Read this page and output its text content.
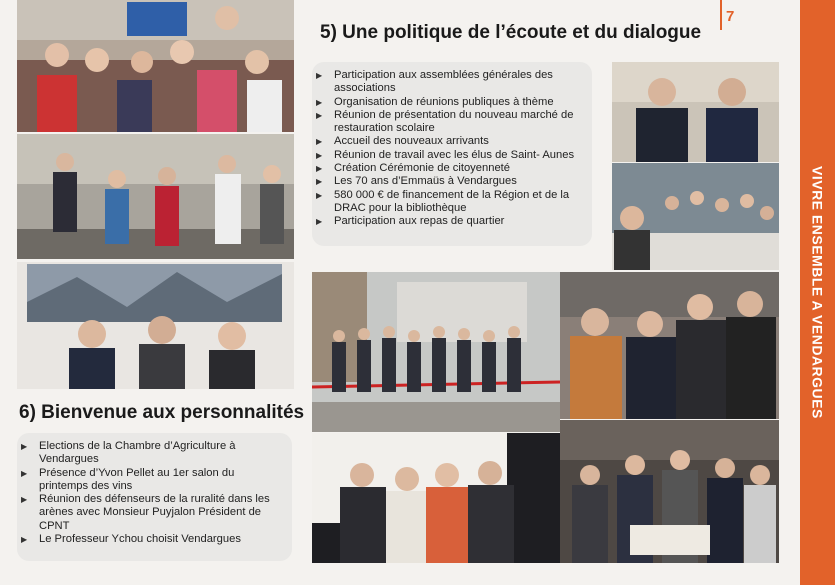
7
5) Une politique de l’écoute et du dialogue
▶ Participation aux assemblées générales des associations
▶ Organisation de réunions publiques à thème
▶ Réunion de présentation du nouveau marché de restauration scolaire
▶ Accueil des nouveaux arrivants
▶ Réunion de travail avec les élus de Saint- Aunes
▶ Création Cérémonie de citoyenneté
▶ Les 70 ans d’Emmaüs à Vendargues
▶ 580 000 € de financement de la Région et de la DRAC pour la bibliothèque
▶ Participation aux repas de quartier
6) Bienvenue aux personnalités
▶ Elections de la Chambre d’Agriculture à Vendargues
▶ Présence d’Yvon Pellet au 1er salon du printemps des vins
▶ Réunion des défenseurs de la ruralité dans les arènes avec Monsieur Puyjalon Président de CPNT
▶ Le Professeur Ychou choisit Vendargues
VIVRE ENSEMBLE A VENDARGUES
